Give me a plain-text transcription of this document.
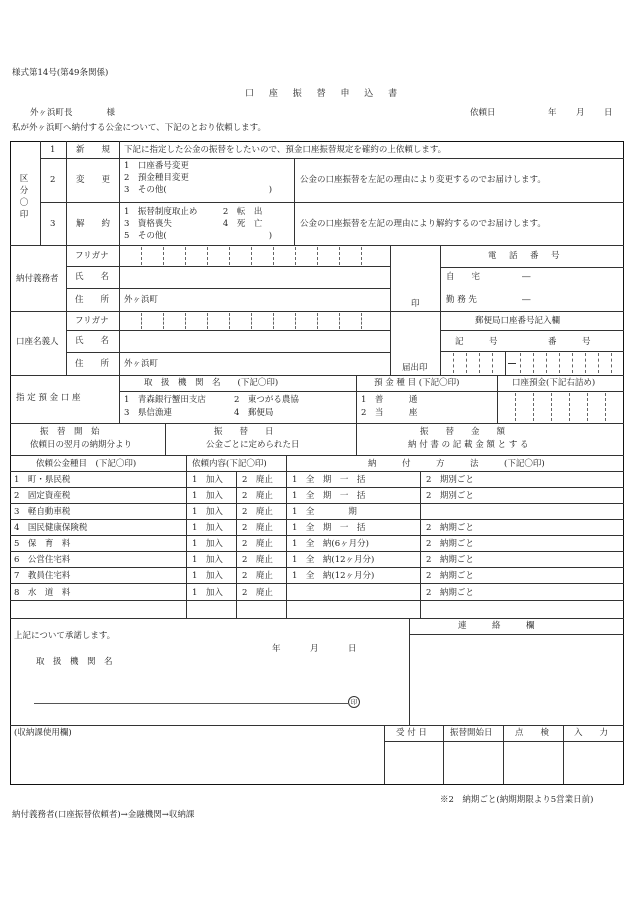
様式第14号(第49条関係)
口 座 振 替 申 込 書
外ヶ浜町長　　　　様	依頼日	年 月 日
私が外ヶ浜町へ納付する公金について、下記のとおり依頼します。
区分〇印
1 新　　規 下記に指定した公金の振替をしたいので、預金口座振替規定を確約の上依頼します。
2 変　　更
1　口座番号変更
2　預金種目変更
3　その他(　　　　　　　　　　　　)
公金の口座振替を左記の理由により変更するのでお届けします。
3 解　　約
1　振替制度取止め　　　2　転　出
3　資格喪失　　　　　　4　死　亡
5　その他(　　　　　　　　　　　　)
公金の口座振替を左記の理由により解約するのでお届けします。
納付義務者
フリガナ
氏　　名
住　　所 外ヶ浜町	印
電　話　番　号
自　　宅	―
勤 務 先	―
口座名義人
フリガナ
氏　　名
住　　所 外ヶ浜町	届出印
郵便局口座番号記入欄
記　　　号	番　　　号
指 定 預 金 口 座
取　扱　機　関　名　　(下記〇印)
1　青森銀行蟹田支店	2　東つがる農協
3　県信漁連	4　郵便局
預 金 種 目 (下記〇印)
1　普　　　通
2　当　　　座
口座預金(下記右詰め)
振　替　開　始
依頼日の翌月の納期分より
振　　替　　日
公金ごとに定められた日
振　　替　　金　　額
納 付 書 の 記 載 金 額 と す る
依頼公金種目　(下記〇印)	依頼内容(下記〇印)	納　　　付　　　方　　　法　　　(下記〇印)
1　町・県民税	1　加入 2　廃止 1　全　期　一　括	2　期別ごと
2　固定資産税	1　加入 2　廃止 1　全　期　一　括	2　期別ごと
3　軽自動車税	1　加入 2　廃止 1　全　　　　期
4　国民健康保険税	1　加入 2　廃止 1　全　期　一　括	2　納期ごと
5　保　育　料	1　加入 2　廃止 1　全　納(6ヶ月分)	2　納期ごと
6　公営住宅料	1　加入 2　廃止 1　全　納(12ヶ月分)	2　納期ごと
7　教員住宅料	1　加入 2　廃止 1　全　納(12ヶ月分)	2　納期ごと
8　水　道　料	1　加入 2　廃止	2　納期ごと
上記について承諾します。
年	月	日
取　扱　機　関　名
印
連　　　絡　　　欄
(収納課使用欄)	受 付 日	振替開始日	点　　検	入　　力
※2　納期ごと(納期期限より5営業日前)
納付義務者(口座振替依頼者)→金融機関→収納課
